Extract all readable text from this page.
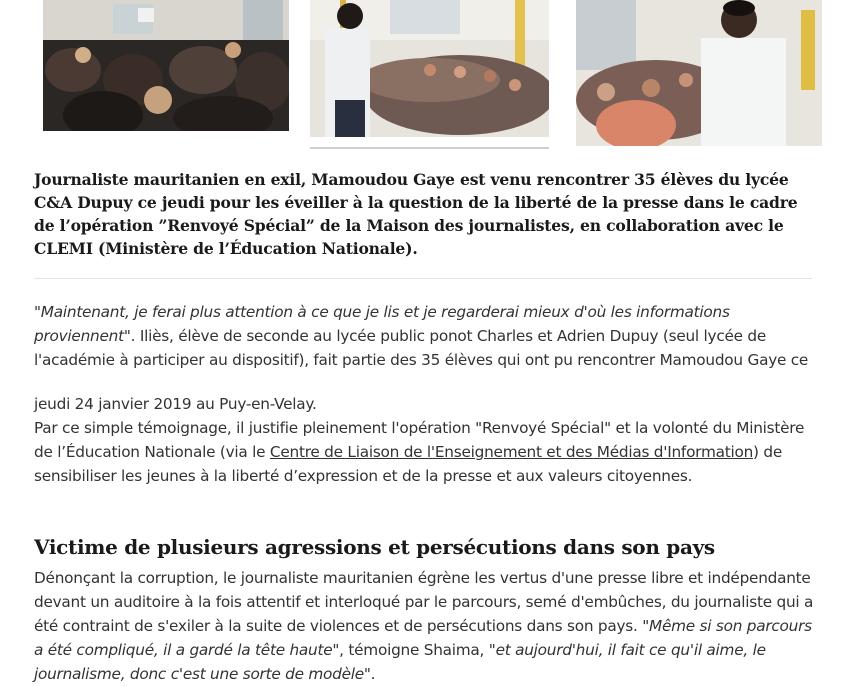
Journaliste mauritanien en exil, Mamoudou Gaye est venu rencontrer 35 élèves du lycée C&A Dupuy ce jeudi pour les éveiller à la question de la liberté de la presse dans le cadre de l’opération ”Renvoyé Spécial” de la Maison des journalistes, en collaboration avec le CLEMI (Ministère de l’Éducation Nationale).

"Maintenant, je ferai plus attention à ce que je lis et je regarderai mieux d'où les informations proviennent". Iliès, élève de seconde au lycée public ponot Charles et Adrien Dupuy (seul lycée de l'académie à participer au dispositif), fait partie des 35 élèves qui ont pu rencontrer Mamoudou Gaye ce

jeudi 24 janvier 2019 au Puy-en-Velay.
Par ce simple témoignage, il justifie pleinement l'opération "Renvoyé Spécial" et la volonté du Ministère de l’Éducation Nationale (via le Centre de Liaison de l'Enseignement et des Médias d'Information) de sensibiliser les jeunes à la liberté d’expression et de la presse et aux valeurs citoyennes.

Victime de plusieurs agressions et persécutions dans son pays

Dénonçant la corruption, le journaliste mauritanien égrène les vertus d'une presse libre et indépendante devant un auditoire à la fois attentif et interloqué par le parcours, semé d'embûches, du journaliste qui a été contraint de s'exiler à la suite de violences et de persécutions dans son pays. "Même si son parcours a été compliqué, il a gardé la tête haute", témoigne Shaima, "et aujourd'hui, il fait ce qu'il aime, le journalisme, donc c'est une sorte de modèle".
